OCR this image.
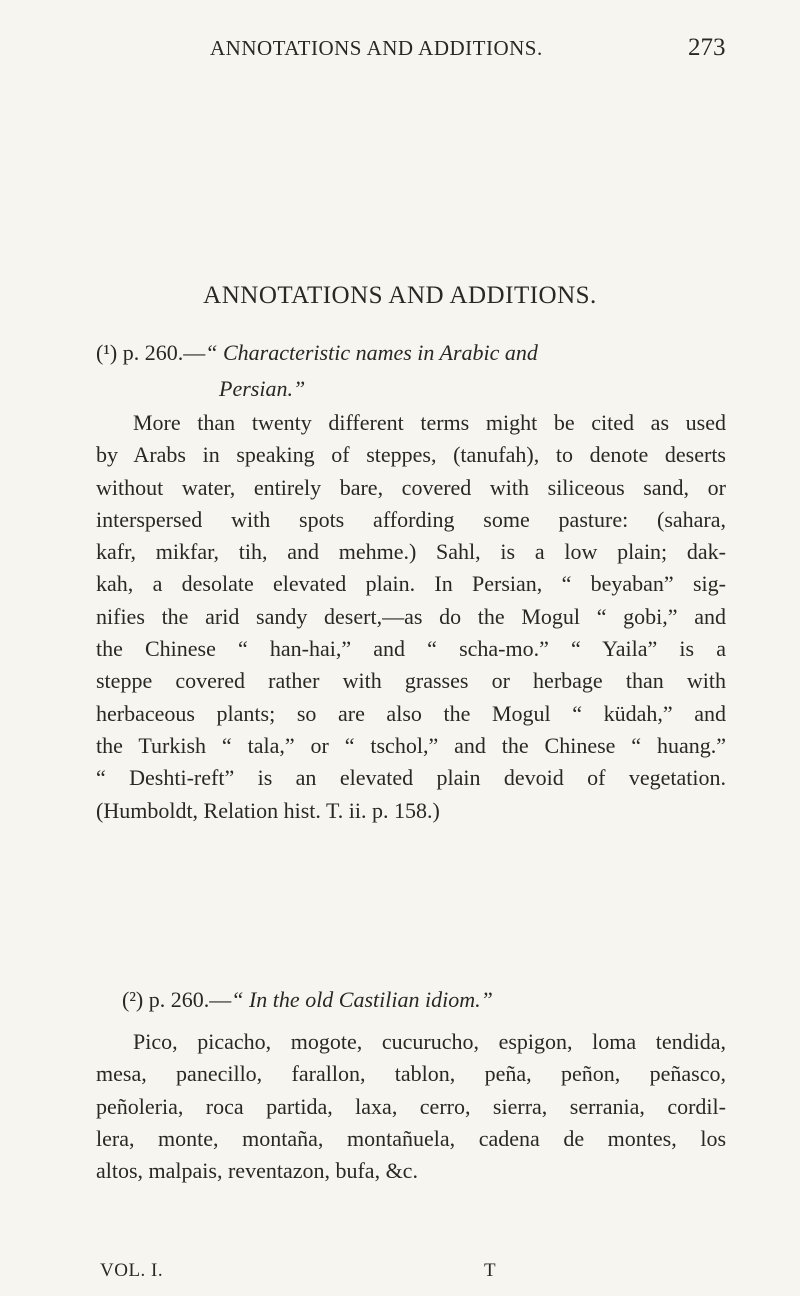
ANNOTATIONS AND ADDITIONS.	273
ANNOTATIONS AND ADDITIONS.
(¹) p. 260.—“ Characteristic names in Arabic and
Persian.”
More than twenty different terms might be cited as used
by Arabs in speaking of steppes, (tanufah), to denote deserts
without water, entirely bare, covered with siliceous sand, or
interspersed with spots affording some pasture: (sahara,
kafr, mikfar, tih, and mehme.) Sahl, is a low plain; dak-
kah, a desolate elevated plain. In Persian, “ beyaban” sig-
nifies the arid sandy desert,—as do the Mogul “ gobi,” and
the Chinese “ han-hai,” and “ scha-mo.” “ Yaila” is a
steppe covered rather with grasses or herbage than with
herbaceous plants; so are also the Mogul “ küdah,” and
the Turkish “ tala,” or “ tschol,” and the Chinese “ huang.”
“ Deshti-reft” is an elevated plain devoid of vegetation.
(Humboldt, Relation hist. T. ii. p. 158.)
(²) p. 260.—“ In the old Castilian idiom.”
Pico, picacho, mogote, cucurucho, espigon, loma tendida,
mesa, panecillo, farallon, tablon, peña, peñon, peñasco,
peñoleria, roca partida, laxa, cerro, sierra, serrania, cordil-
lera, monte, montaña, montañuela, cadena de montes, los
altos, malpais, reventazon, bufa, &c.
VOL. I.	T
